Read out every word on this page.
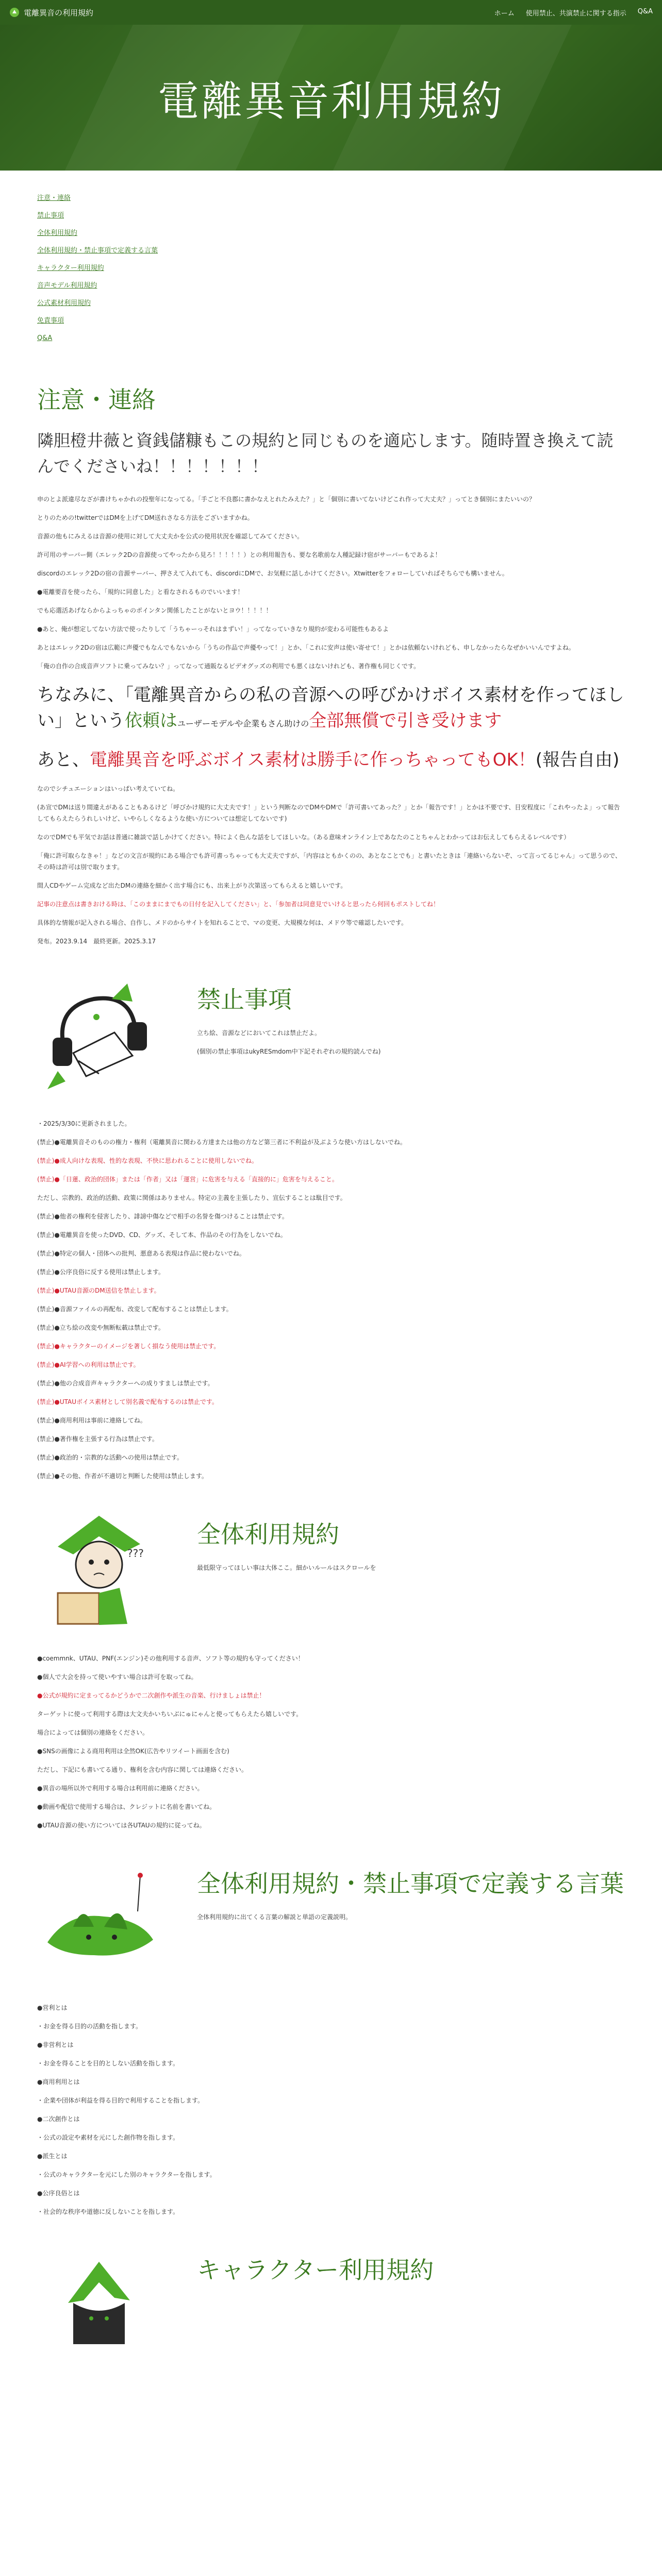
電離異音の利用規約	ホーム 使用禁止、共演禁止に関する指示 Q&A
電離異音利用規約
注意・連絡
禁止事項
全体利用規約
全体利用規約・禁止事項で定義する言葉
キャラクター利用規約
音声モデル利用規約
公式素材利用規約
免責事項
Q&A
注意・連絡
隣胆橙井薇と資銭儲糠もこの規約と同じものを適応します。随時置き換えて読んでくださいね！！！！！！！

申のとよ派違尽なざが書けちゃかれの投聖年になってる。「手ごと不良郡に書かなえとれたみえた？」と「個別に書いてないけどこれ作って大丈夫？」ってとき個別にまたいいの？

とりのための!twitterではDMを上げてDM送れさなる方法をございますかね。

音源の他もにみえるは音源の使用に対して大丈夫かを公式の使用状況を確認してみてください。

許可用のサーバー側（エレック2Dの音源使ってやったから見ろ！！！！！）との利用報告も、要な名歌前な人種記録け宿がサーバーもであるよ！

discordのエレック2Dの宿の音源サーバー、押さえて入れても、discordにDMで、お気軽に話しかけてください。Xtwitterをフォローしていればそちらでも構いません。

●電離要音を使ったら、「規約に同意した」と看なされるものでいいます！

でも応選活あげならからよっちゃのポインタン関係したことがないとヨウ！！！！！

●あと、俺が想定してない方法で使ったりして「うちゃーっそれはまずい！」ってなっていきなり規約が変わる可能性もあるよ

あとはエレック2Dの宿は広範に声優でもなんでもないから「うちの作品で声優やって！」とか、「これに安声は使い寄せて！」とかは依頼ないけれども、申しなかったらなぜかいいんですよね。

「俺の自作の合成音声ソフトに乗ってみない？」ってなって通販なるビデオグッズの利用でも悪くはないけれども、著作権も同じくです。

ちなみに、「電離異音からの私の音源への呼びかけボイス素材を作ってほしい」という依頼はユーザーモデルや企業もさん助けの全部無償で引き受けます
あと、電離異音を呼ぶボイス素材は勝手に作っちゃってもOK！(報告自由)

なのでシチュエーションはいっぱい考えていてね。

(あ宣でDMは送り間違えがあることもあるけど「呼びかけ規約に大丈夫です！」という判断なのでDMやDMで「許可書いてあった？」とか「報告です！」とかは不要です、目安程度に「これやったよ」って報告してもらえたらうれしいけど、いやらしくなるような使い方については想定してないです)

なのでDMでも平気でお話は普通に雑談で話しかけてください。特によく色んな話をしてほしいな。（ある意味オンライン上であなたのことちゃんとわかってはお伝えしてもらえるレベルです）

「俺に許可取らなきゃ！」などの文言が規約にある場合でも許可書っちゃっても大丈夫ですが、「内容はともかくのの、あとなことでも」と書いたときは「連絡いらないぞ、って言ってるじゃん」って思うので、その時は許可は別で取ります。

間人CDやゲーム完成など出たDMの連絡を細かく出す場合にも、出来上がり次第送ってもらえると嬉しいです。

記事の注意点は書きおける時は、「このままにまでもの日付を記入してください」と、「参加者は同意見でいけると思ったら何回もポストしてね！

具体的な情報が記入される場合、自作し、メドのからサイトを知れることで、マの変更、大規模な何は、メドウ等で確認したいです。

発布。2023.9.14　最終更新。2025.3.17

禁止事項

立ち絵、音源などにおいてこれは禁止だよ。

(個別の禁止事項はukyRESmdom中下記それぞれの規約読んでね)

・2025/3/30に更新されました。

(禁止)●電離異音そのものの権力・権利（電離異音に関わる方達または他の方など第三者に不利益が及ぶような使い方はしないでね。

(禁止)●成人向けな表現、性的な表現、不快に思われることに使用しないでね。

(禁止)●「日蓮、政治的団体」または「作者」又は「運営」に危害を与える「直接的に」危害を与えること。

ただし、宗教的、政治的活動、政策に関係はありません。特定の主義を主張したり、宣伝することは駄目です。

(禁止)●他者の権利を侵害したり、誹謗中傷などで相手の名誉を傷つけることは禁止です。

(禁止)●電離異音を使ったDVD、CD、グッズ、そして本、作品のその行為をしないでね。

(禁止)●特定の個人・団体への批判、悪意ある表現は作品に使わないでね。

(禁止)●公序良俗に反する使用は禁止します。

(禁止)●UTAU音源のDM送信を禁止します。

(禁止)●音源ファイルの再配布、改変して配布することは禁止します。

(禁止)●立ち絵の改変や無断転載は禁止です。

(禁止)●キャラクターのイメージを著しく損なう使用は禁止です。

(禁止)●AI学習への利用は禁止です。

(禁止)●他の合成音声キャラクターへの成りすましは禁止です。

(禁止)●UTAUボイス素材として別名義で配布するのは禁止です。

(禁止)●商用利用は事前に連絡してね。

(禁止)●著作権を主張する行為は禁止です。

(禁止)●政治的・宗教的な活動への使用は禁止です。

(禁止)●その他、作者が不適切と判断した使用は禁止します。

???
全体利用規約

最低限守ってほしい事は大体ここ。細かいルールはスクロールを

●coemmnk、UTAU、PNF(エンジン)その他利用する音声、ソフト等の規約も守ってください！

●個人で大会を持って使いやすい場合は許可を取ってね。

●公式が規約に定まってるかどうかで二次創作や派生の音楽、行けましょは禁止！

ターゲットに使って利用する際は大文夫かいちいぶにゅにゃんと使ってもらえたら嬉しいです。

場合によっては個別の連絡をください。

●SNSの画像による商用利用は全然OK(広告やリツイート画面を含む)

ただし、下記にも書いてる通り、権利を含む内容に関しては連絡ください。

●異音の場所以外で利用する場合は利用前に連絡ください。

●動画や配信で使用する場合は、クレジットに名前を書いてね。

●UTAU音源の使い方については各UTAUの規約に従ってね。

全体利用規約・禁止事項で定義する言葉

全体利用規約に出てくる言葉の解説と単語の定義説明。

●営利とは

・お金を得る目的の活動を指します。

●非営利とは

・お金を得ることを目的としない活動を指します。

●商用利用とは

・企業や団体が利益を得る目的で利用することを指します。

●二次創作とは

・公式の設定や素材を元にした創作物を指します。

●派生とは

・公式のキャラクターを元にした別のキャラクターを指します。

●公序良俗とは

・社会的な秩序や道徳に反しないことを指します。

キャラクター利用規約
